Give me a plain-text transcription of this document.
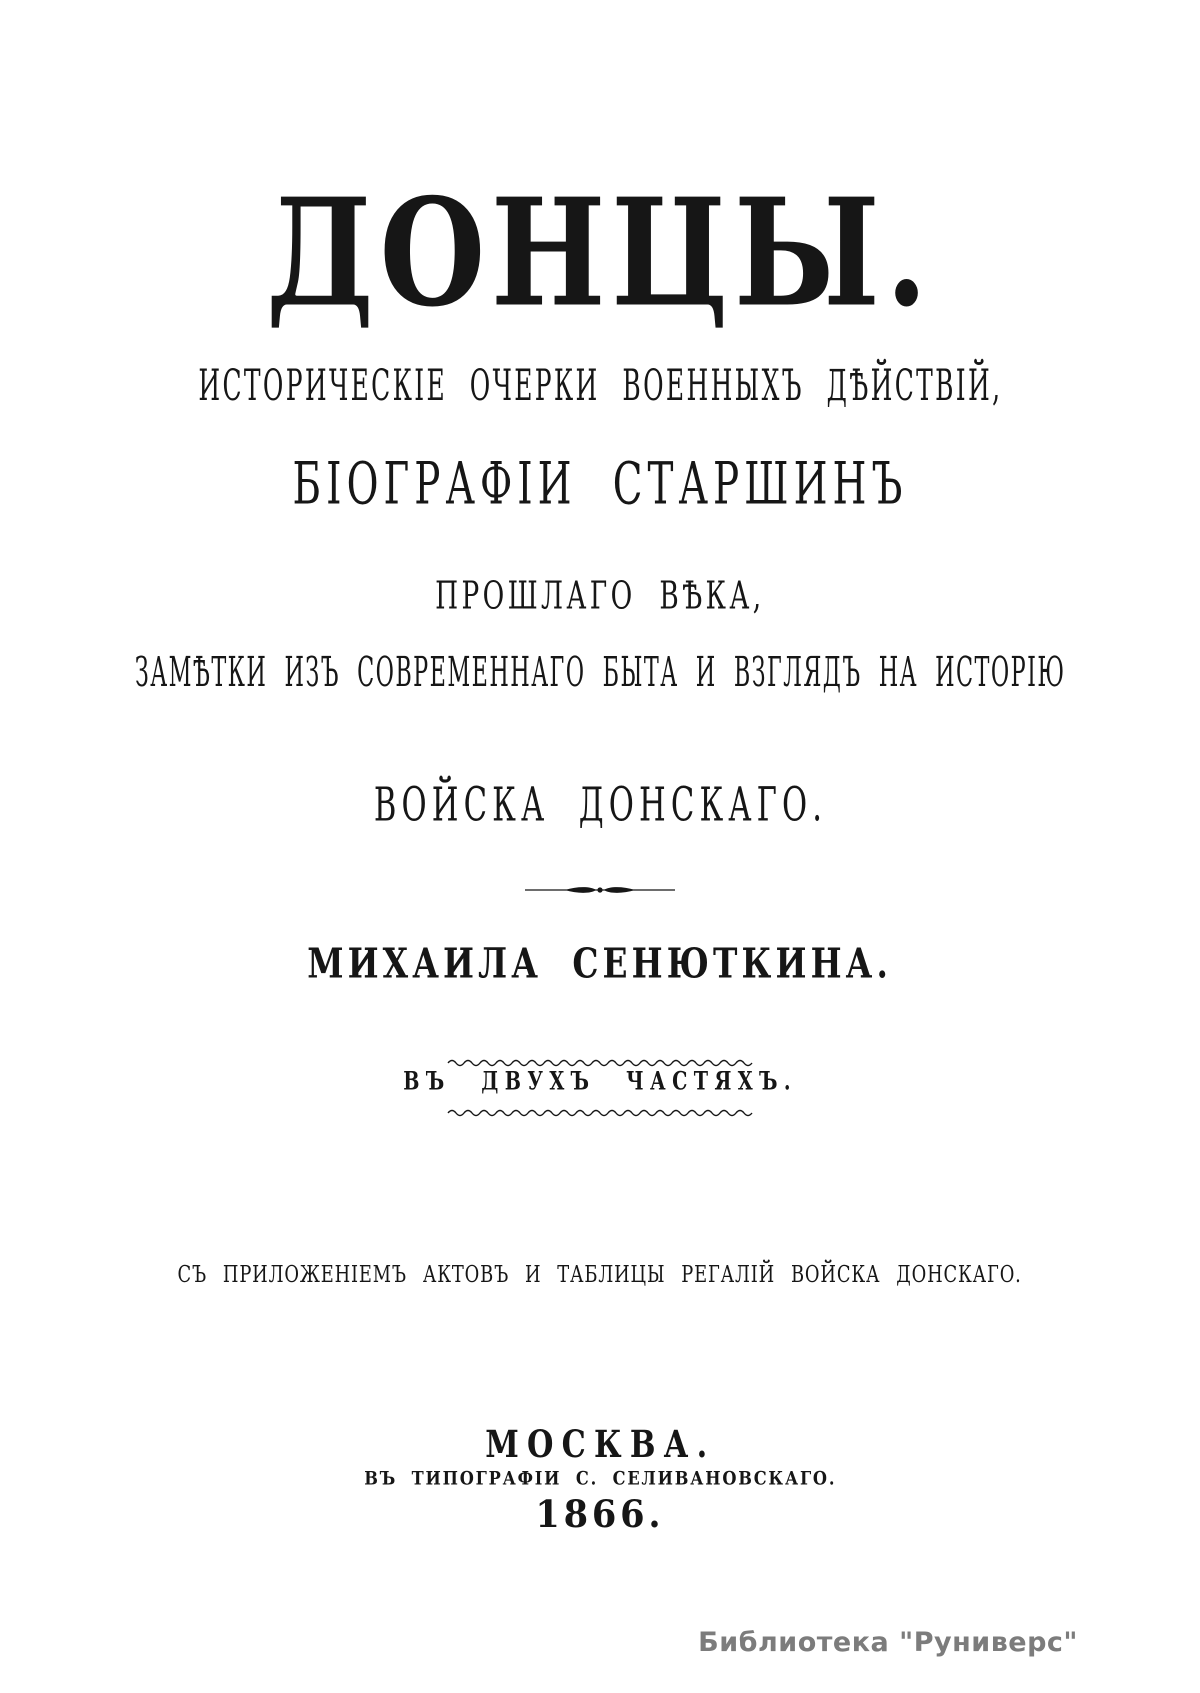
ДОНЦЫ.
ИСТОРИЧЕСКІЕ ОЧЕРКИ ВОЕННЫХЪ ДѢЙСТВІЙ,
БІОГРАФІИ СТАРШИНЪ
ПРОШЛАГО ВѢКА,
ЗАМѢТКИ ИЗЪ СОВРЕМЕННАГО БЫТА И ВЗГЛЯДЪ НА ИСТОРІЮ
ВОЙСКА ДОНСКАГО.
МИХАИЛА СЕНЮТКИНА.
ВЪ ДВУХЪ ЧАСТЯХЪ.
СЪ ПРИЛОЖЕНІЕМЪ АКТОВЪ И ТАБЛИЦЫ РЕГАЛІЙ ВОЙСКА ДОНСКАГО.
МОСКВА.
ВЪ ТИПОГРАФІИ С. СЕЛИВАНОВСКАГО.
1866.
Библиотека "Руниверс"
